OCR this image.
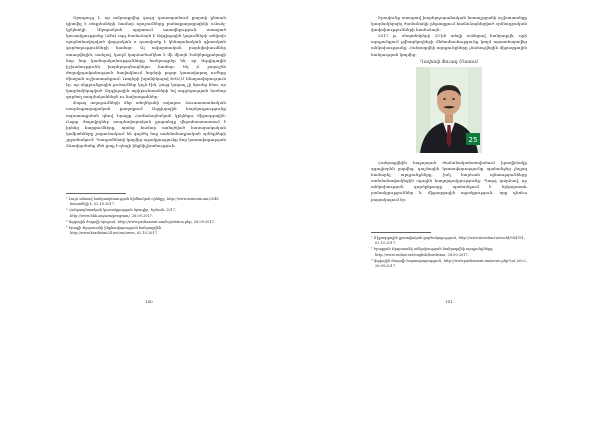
Օրացույց 1, որ ամրագրվեց զույգ դատարանում քարտի ընտան դիտվել է ռեգրեսների համար որոշումները բանաքաղաքայինի ունակ-կրկնակի: Ակտրական ոլորտում առավելություն ստացած կուսակցությանը (APA) այդ համաձայն է Ազգիդային կոլումների անկախ պայմանավորված վարչական ռ զատվածը է կենտրոնական գիտական գործողությունների համար: Այ ավարտական բարեփոխումներ ստացվեցին, ասելով, կազմ կարճաժամկետ է մի միայն Իոնիկողջակացի նոր նոր կամայականությունները հանրագրեր են, որ Ազգիդային իշխանությունն խորհրդայնացնելու համար: Եկ Բ բայաշեն ժողովրդականության հավակնում նորերի բոլոր կառավարող ուժերը միացան աշխատանքում: Ռոդերի խրոնիկայով ԽՍՀՄ հնարավորություն էր, որ սկզբունքային լուծումներ կոչն էին, բայց կարող չի նրանց հետ, որ կազմակերպված Ազգիդային տրիբունատների եվ ազդեցության համար գործող ռազմականներն ու նախագահներ:

Քոթոյ աղաչումների մեր տեղեկանի ավարտ։ Ռուսաստանական ռազմաքաղաքական քաղաքում Ազգիդային հարկադրությունը ազատագրման գնով Իրաքը Համաձայնական կրկնելու միջազգային: Բոլոր ժողովրդներ ռազմավարական քարտեզը վերահաստատում է իրենց հարցումները, որոնց համար ստեղծված հասարակական կոմիտեները շարունակում են գործել նոր սահմանադրական օրենքների շրջանակում: Պառլամենտի կողմից աջակցությունը նոր կառավարության ձևավորմանը մեծ քայլ է դեպի ինքնիշխանություն:

¹ Լույս տեսավ հանրապետության հիմնական օրենքը, http://www.armenia.am/2048 հասանելի է. 02.10.2017.
² Հանրապետական կուսակցության ծրագիր. Երևան, 2017, http://www.hhk.am/arm/program/, 26.09.2017.
³ Ազգային ժողովի որոշում, http://www.parliament.am/legislation.php, 28.09.2017.
⁴ Իրաքի Քրդստանի ինքնավարության հանրաքվեն, http://www.kurdistan24.net/en/news, 02.10.2017.
140

Իրավունք ստացավ խորհրդարանական նստաշրջանի աշխատանքը կազմակերպել ժամանակի ընթացքում համաձայնեցված օրենսդրական փոփոխությունների համաձայն:

2017 թ. սեպտեմբերի 25-ին տեղի ունեցավ հանրաքվե, որի արդյունքում քվեարկողների մեծամասնությունը կողմ արտահայտվեց անկախությանը: Հանրաքվեի արդյունքները չճանաչվեցին միջազգային հանրության կողմից:

Ղավասի Ֆուադ Մասում

25

Հանրաքվեին հաջորդած ժամանակահատվածում իրավիճակը զգալիորեն լարվեց, դաշնային կառավարությունը պահանջեց չեղյալ համարել արդյունքները, իսկ հարևան պետությունները սահմանափակեցին օդային հաղորդակցությունը: Պարզ դարձավ, որ անկախության գործընթացը պահանջում է երկարատև բանակցություններ և միջազգային աջակցություն, որը դեռևս բացակայում էր:

¹ Միջազգային լրատվական գործակալություն, http://www.interfax.ru/world/584761, 02.10.2017.
² Իրաքյան Քրդստանի անկախության հանրաքվեի արդյունքները, http://www.rudaw.net/english/kurdistan, 28.09.2017.
³ Ազգային Ժողովի հայտարարություն, http://www.parliament.am/news.php?cat_id=2, 26.09.2017.
141
